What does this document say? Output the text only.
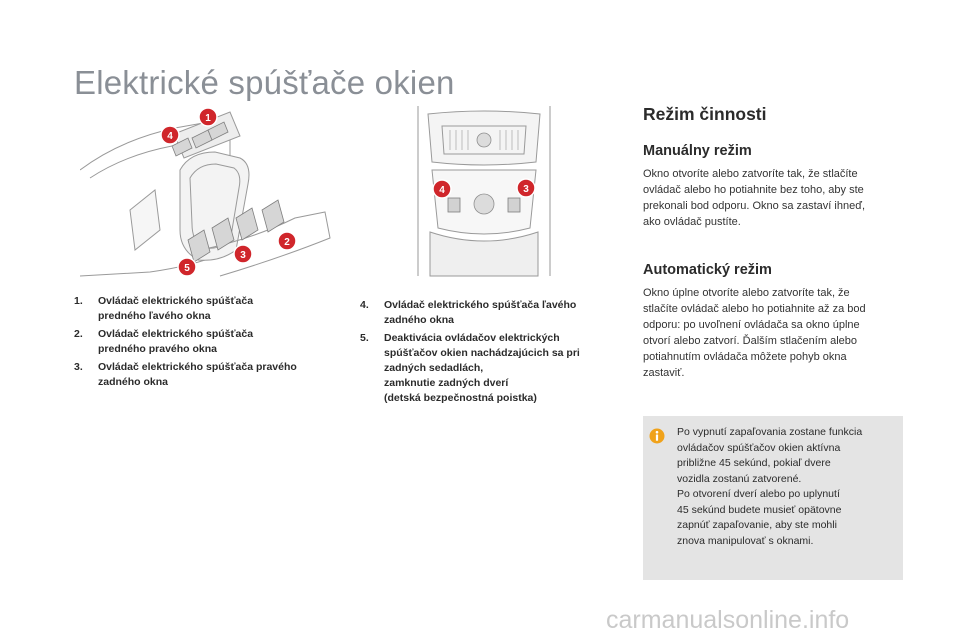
Elektrické spúšťače okien
1
4
2
3
5
4	3
1.	Ovládač elektrického spúšťača
predného ľavého okna
2.	Ovládač elektrického spúšťača
predného pravého okna
3.	Ovládač elektrického spúšťača pravého
zadného okna
4.	Ovládač elektrického spúšťača ľavého
zadného okna
5.	Deaktivácia ovládačov elektrických
spúšťačov okien nachádzajúcich sa pri
zadných sedadlách,
zamknutie zadných dverí
(detská bezpečnostná poistka)
Režim činnosti
Manuálny režim

Okno otvoríte alebo zatvoríte tak, že stlačíte
ovládač alebo ho potiahnite bez toho, aby ste
prekonali bod odporu. Okno sa zastaví ihneď,
ako ovládač pustíte.

Automatický režim

Okno úplne otvoríte alebo zatvoríte tak, že
stlačíte ovládač alebo ho potiahnite až za bod
odporu: po uvoľnení ovládača sa okno úplne
otvorí alebo zatvorí. Ďalším stlačením alebo
potiahnutím ovládača môžete pohyb okna
zastaviť.

Po vypnutí zapaľovania zostane funkcia
ovládačov spúšťačov okien aktívna
približne 45 sekúnd, pokiaľ dvere
vozidla zostanú zatvorené.
Po otvorení dverí alebo po uplynutí
45 sekúnd budete musieť opätovne
zapnúť zapaľovanie, aby ste mohli
znova manipulovať s oknami.

carmanualsonline.info
